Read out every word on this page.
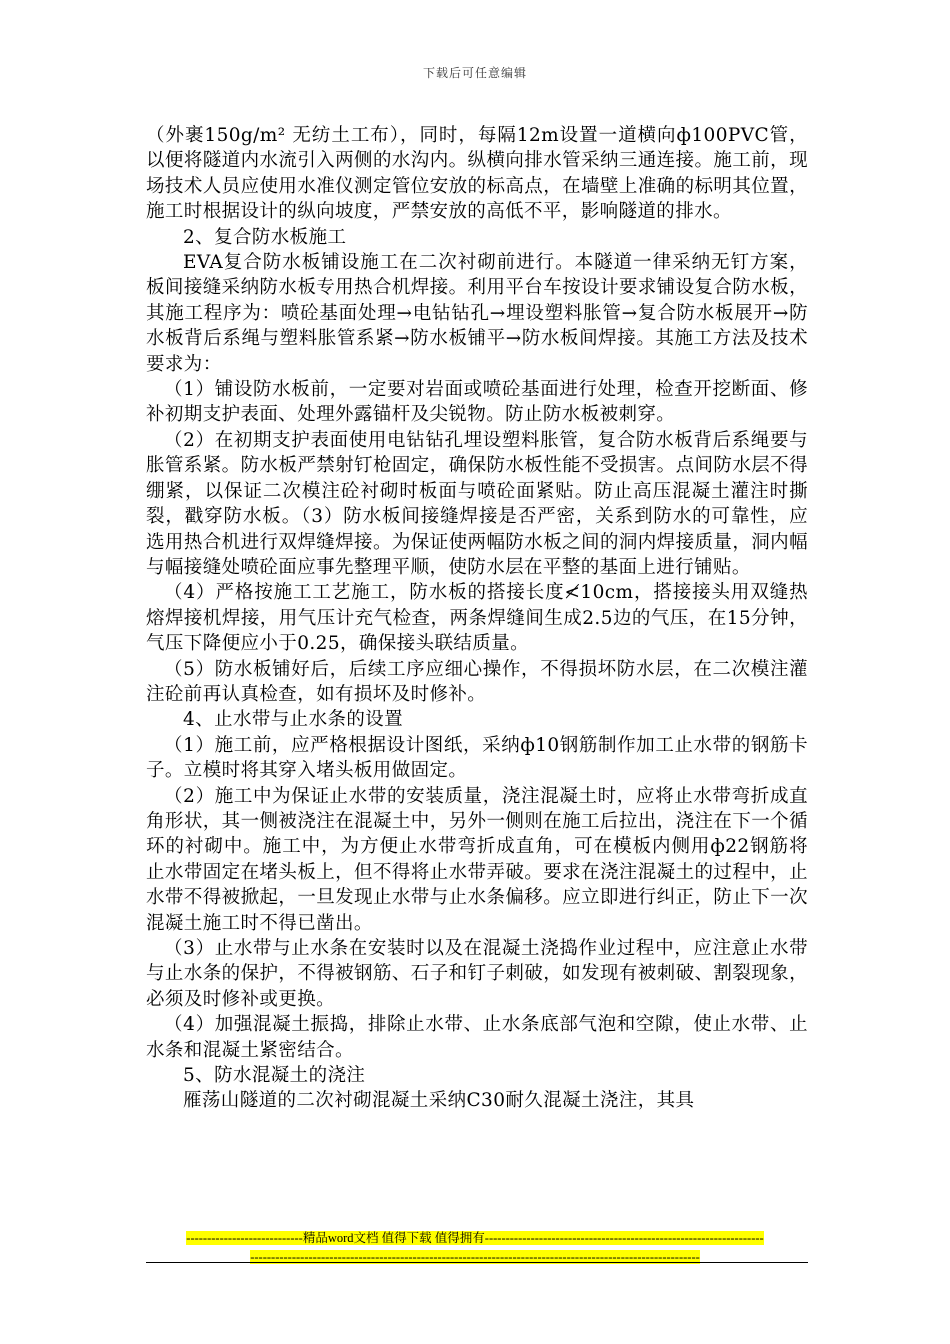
下载后可任意编辑

（外裹150g/m² 无纺土工布），同时，每隔12m设置一道横向ф100PVC管，以便将隧道内水流引入两侧的水沟内。纵横向排水管采纳三通连接。施工前，现场技术人员应使用水准仪测定管位安放的标高点，在墙壁上准确的标明其位置，施工时根据设计的纵向坡度，严禁安放的高低不平，影响隧道的排水。

2、复合防水板施工

EVA复合防水板铺设施工在二次衬砌前进行。本隧道一律采纳无钉方案，板间接缝采纳防水板专用热合机焊接。利用平台车按设计要求铺设复合防水板，其施工程序为：喷砼基面处理→电钻钻孔→埋设塑料胀管→复合防水板展开→防水板背后系绳与塑料胀管系紧→防水板铺平→防水板间焊接。其施工方法及技术要求为：

（1）铺设防水板前，一定要对岩面或喷砼基面进行处理，检查开挖断面、修补初期支护表面、处理外露锚杆及尖锐物。防止防水板被刺穿。

（2）在初期支护表面使用电钻钻孔埋设塑料胀管，复合防水板背后系绳要与胀管系紧。防水板严禁射钉枪固定，确保防水板性能不受损害。点间防水层不得绷紧，以保证二次模注砼衬砌时板面与喷砼面紧贴。防止高压混凝土灌注时撕裂，戳穿防水板。（3）防水板间接缝焊接是否严密，关系到防水的可靠性，应选用热合机进行双焊缝焊接。为保证使两幅防水板之间的洞内焊接质量，洞内幅与幅接缝处喷砼面应事先整理平顺，使防水层在平整的基面上进行铺贴。

（4）严格按施工工艺施工，防水板的搭接长度≮10cm，搭接接头用双缝热熔焊接机焊接，用气压计充气检查，两条焊缝间生成2.5边的气压，在15分钟，气压下降便应小于0.25，确保接头联结质量。

（5）防水板铺好后，后续工序应细心操作，不得损坏防水层，在二次模注灌注砼前再认真检查，如有损坏及时修补。

4、止水带与止水条的设置

（1）施工前，应严格根据设计图纸，采纳ф10钢筋制作加工止水带的钢筋卡子。立模时将其穿入堵头板用做固定。

（2）施工中为保证止水带的安装质量，浇注混凝土时，应将止水带弯折成直角形状，其一侧被浇注在混凝土中，另外一侧则在施工后拉出，浇注在下一个循环的衬砌中。施工中，为方便止水带弯折成直角，可在模板内侧用ф22钢筋将止水带固定在堵头板上，但不得将止水带弄破。要求在浇注混凝土的过程中，止水带不得被掀起，一旦发现止水带与止水条偏移。应立即进行纠正，防止下一次混凝土施工时不得已凿出。

（3）止水带与止水条在安装时以及在混凝土浇捣作业过程中，应注意止水带与止水条的保护，不得被钢筋、石子和钉子刺破，如发现有被刺破、割裂现象，必须及时修补或更换。

（4）加强混凝土振捣，排除止水带、止水条底部气泡和空隙，使止水带、止水条和混凝土紧密结合。

5、防水混凝土的浇注

雁荡山隧道的二次衬砌混凝土采纳C30耐久混凝土浇注，其具

----------------------------精品word文档 值得下载 值得拥有-------------------------------------------------------------------
------------------------------------------------------------------------------------------------------------
